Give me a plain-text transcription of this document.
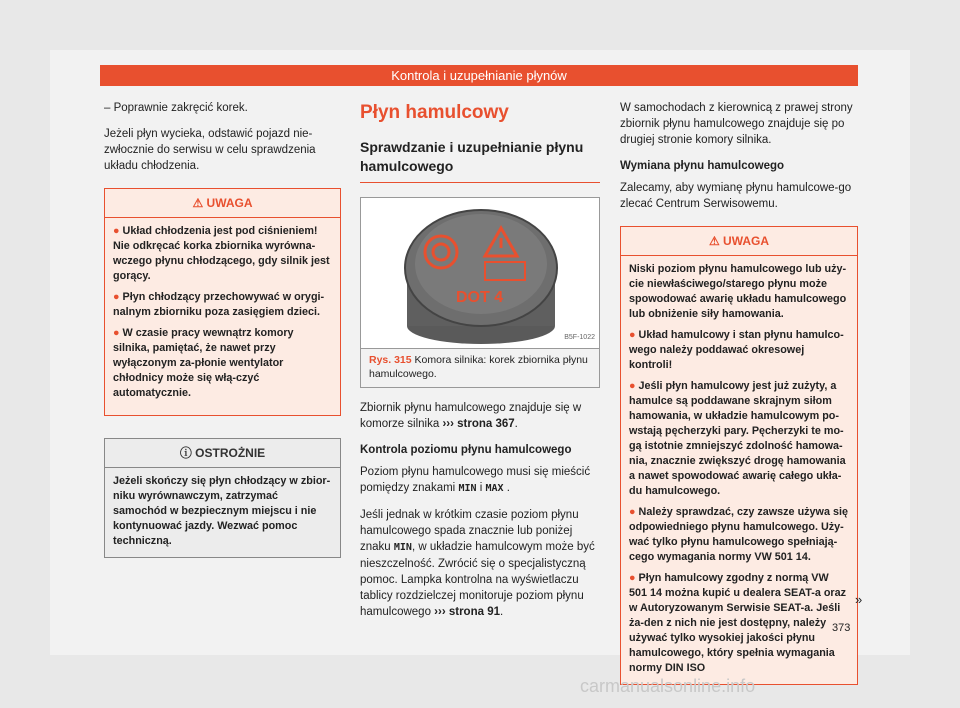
Kontrola i uzupełnianie płynów

– Poprawnie zakręcić korek.

Jeżeli płyn wycieka, odstawić pojazd nie-zwłocznie do serwisu w celu sprawdzenia układu chłodzenia.

⚠ UWAGA

● Układ chłodzenia jest pod ciśnieniem! Nie odkręcać korka zbiornika wyrówna-wczego płynu chłodzącego, gdy silnik jest gorący.

● Płyn chłodzący przechowywać w orygi-nalnym zbiorniku poza zasięgiem dzieci.

● W czasie pracy wewnątrz komory silnika, pamiętać, że nawet przy wyłączonym za-płonie wentylator chłodnicy może się włą-czyć automatycznie.

ⓘ OSTROŻNIE

Jeżeli skończy się płyn chłodzący w zbior-niku wyrównawczym, zatrzymać samochód w bezpiecznym miejscu i nie kontynuować jazdy. Wezwać pomoc techniczną.

Płyn hamulcowy
Sprawdzanie i uzupełnianie płynu hamulcowego
DOT 4
B5F-1022
Rys. 315 Komora silnika: korek zbiornika płynu hamulcowego.

Zbiornik płynu hamulcowego znajduje się w komorze silnika ››› strona 367.

Kontrola poziomu płynu hamulcowego

Poziom płynu hamulcowego musi się mieścić pomiędzy znakami MIN i MAX .

Jeśli jednak w krótkim czasie poziom płynu hamulcowego spada znacznie lub poniżej znaku MIN, w układzie hamulcowym może być nieszczelność. Zwrócić się o specjalistyczną pomoc. Lampka kontrolna na wyświetlaczu tablicy rozdzielczej monitoruje poziom płynu hamulcowego ››› strona 91.

W samochodach z kierownicą z prawej strony zbiornik płynu hamulcowego znajduje się po drugiej stronie komory silnika.

Wymiana płynu hamulcowego

Zalecamy, aby wymianę płynu hamulcowe-go zlecać Centrum Serwisowemu.

⚠ UWAGA

Niski poziom płynu hamulcowego lub uży-cie niewłaściwego/starego płynu może spowodować awarię układu hamulcowego lub obniżenie siły hamowania.

● Układ hamulcowy i stan płynu hamulco-wego należy poddawać okresowej kontroli!

● Jeśli płyn hamulcowy jest już zużyty, a hamulce są poddawane skrajnym siłom hamowania, w układzie hamulcowym po-wstają pęcherzyki pary. Pęcherzyki te mo-gą istotnie zmniejszyć zdolność hamowa-nia, znacznie zwiększyć drogę hamowania a nawet spowodować awarię całego ukła-du hamulcowego.

● Należy sprawdzać, czy zawsze używa się odpowiedniego płynu hamulcowego. Uży-wać tylko płynu hamulcowego spełniają-cego wymagania normy VW 501 14.

● Płyn hamulcowy zgodny z normą VW 501 14 można kupić u dealera SEAT-a oraz w Autoryzowanym Serwisie SEAT-a. Jeśli ża-den z nich nie jest dostępny, należy używać tylko wysokiej jakości płynu hamulcowego, który spełnia wymagania normy DIN ISO

»
373
carmanualsonline.info
